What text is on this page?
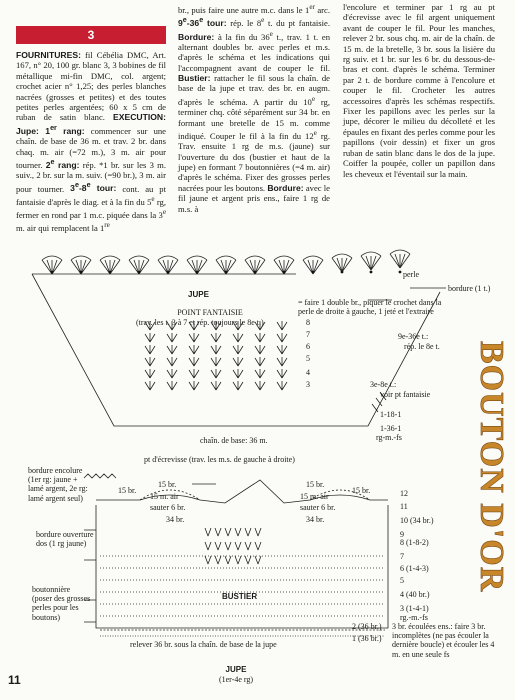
3
FOURNITURES: fil Cébélia DMC, Art. 167, n° 20, 100 gr. blanc 3, 3 bobines de fil métallique mi-fin DMC, col. argent; crochet acier n° 1,25; des perles blanches nacrées (grosses et petites) et des toutes petites perles argentées; 60 x 5 cm de ruban de satin blanc. EXECUTION: Jupe: 1er rang: commencer sur une chaîn. de base de 36 m. et trav. 2 br. dans chaq. m. air (=72 m.), 3 m. air pour tourner. 2e rang: rép. *1 br. sur les 3 m. suiv., 2 br. sur la m. suiv. (=90 br.), 3 m. air pour tourner. 3e-8e tour: cont. au pt fantaisie d'après le diag. et à la fin du 5e rg, fermer en rond par 1 m.c. piquée dans la 3e m. air qui remplacent la 1re
br., puis faire une autre m.c. dans le 1er arc. 9e-36e tour: rép. le 8e t. du pt fantaisie. Bordure: à la fin du 36e t., trav. 1 t. en alternant doubles br. avec perles et m.s. d'après le schéma et les indications qui l'accompagnent avant de couper le fil. Bustier: rattacher le fil sous la chaîn. de base de la jupe et trav. des br. en augm. d'après le schéma. A partir du 10e rg, terminer chq. côté séparément sur 34 br. en formant une bretelle de 15 m. comme indiqué. Couper le fil à la fin du 12e rg. Trav. ensuite 1 rg de m.s. (jaune) sur l'ouverture du dos (bustier et haut de la jupe) en formant 7 boutonnières (=4 m. air) d'après le schéma. Fixer des grosses perles nacrées pour les boutons. Bordure: avec le fil jaune et argent pris ens., faire 1 rg de m.s. à
l'encolure et terminer par 1 rg au pt d'écrevisse avec le fil argent uniquement avant de couper le fil. Pour les manches, relever 2 br. sous chq. m. air de la chaîn. de 15 m. de la bretelle, 3 br. sous la lisière du rg suiv. et 1 br. sur les 6 br. du dessous-de-bras et cont. d'après le schéma. Terminer par 2 t. de bordure comme à l'encolure et couper le fil. Crocheter les autres accessoires d'après les schémas respectifs. Fixer les papillons avec les perles sur la jupe, décorer le milieu du décolleté et les épaules en fixant des perles comme pour les papillons (voir dessin) et fixer un gros ruban de satin blanc dans le dos de la jupe. Coiffer la poupée, coller un papillon dans les cheveux et l'éventail sur la main.
perle
bordure (1 t.)
JUPE
POINT FANTAISIE
(trav. les t. 3 à 7 et rép. toujours le 8e t.)
= faire 1 double br., piquer le crochet dans la perle de droite à gauche, 1 jeté et l'extraire
9e-36e t.:
rép. le 8e t.
8
7
6
5
4
3	3e-8e t.:
voir pt fantaisie
1-18-1
1-36-1
rg-m.-fs
chaîn. de base: 36 m.
pt d'écrevisse (trav. les m.s. de gauche à droite)
bordure encolure (1er rg: jaune + lamé argent, 2e rg: lamé argent seul)
bordure ouverture dos (1 rg jaune)
boutonnière (poser des grosses perles pour les boutons)
15 br.
15 br.	15 br.
15 br.
15 m. air	15 m. air
sauter 6 br.	sauter 6 br.
34 br.	34 br.
BUSTIER
12
11
10 (34 br.)
9
8 (1-8-2)
7
6 (1-4-3)
5
4 (40 br.)
3 (1-4-1)
rg.-m.-fs
2 (36 br.)
1 (36 br.)
relever 36 br. sous la chaîn. de base de la jupe
JUPE
(1er-4e rg)
3 br. écoulées ens.: faire 3 br. incomplètes (ne pas écouler la dernière boucle) et écouler les 4 m. en une seule fs
BOUTON D'OR
11
